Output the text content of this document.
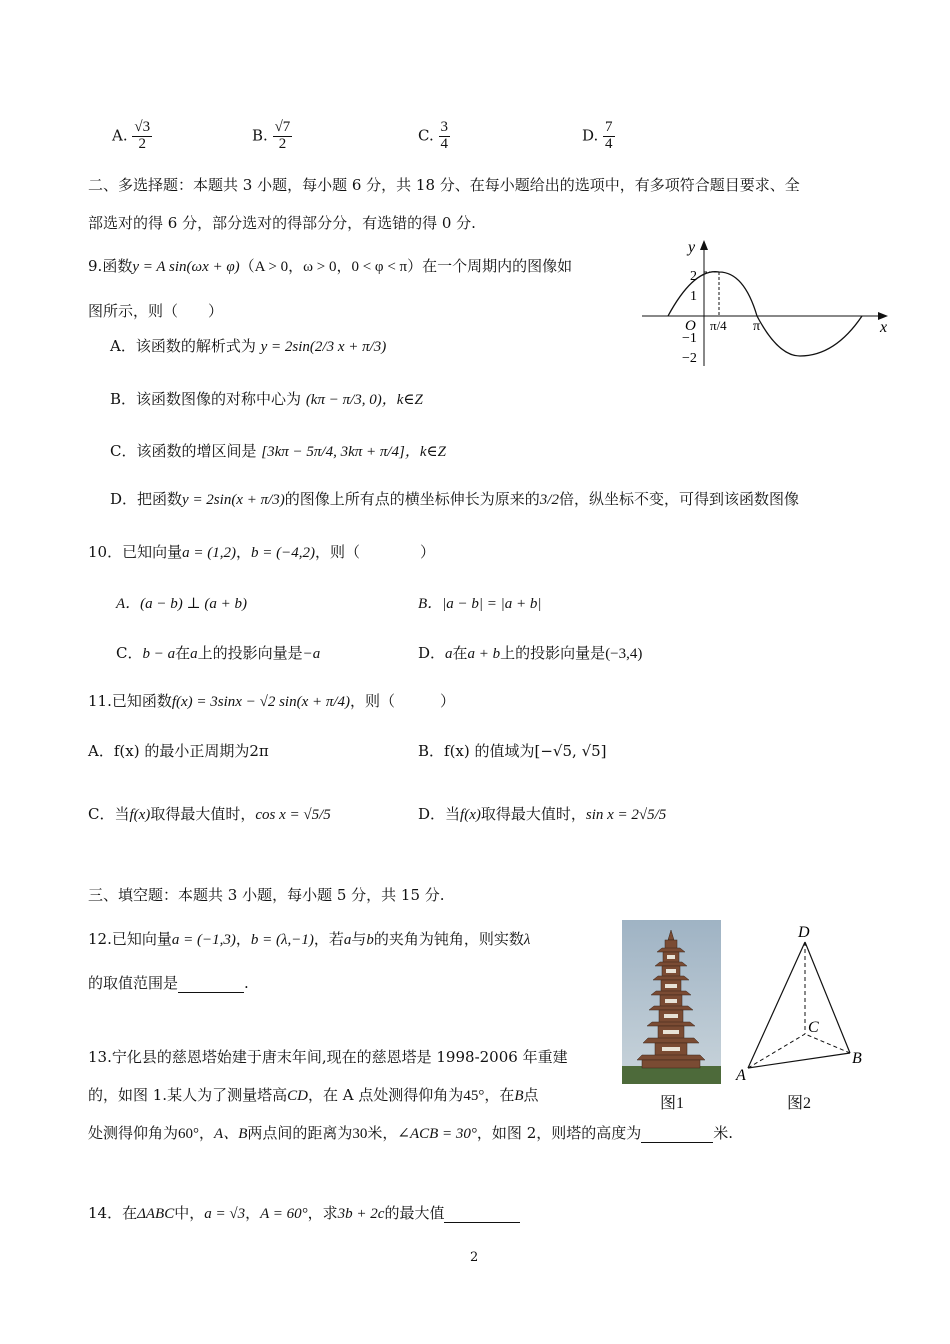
A. $\frac{√3}{2}$	B. $\frac{√7}{2}$	C. $\frac{3}{4}$	D. $\frac{7}{4}$
二、多选择题：本题共 3 小题，每小题 6 分，共 18 分、在每小题给出的选项中，有多项符合题目要求、全
部选对的得 6 分，部分选对的得部分分，有选错的得 0 分.
9.函数y = A sin(ωx + φ)（A > 0，ω > 0，0 < φ < π）在一个周期内的图像如
图所示，则（　　）
A．该函数的解析式为 y = 2sin(2/3 x + π/3)
B．该函数图像的对称中心为 (kπ − π/3, 0)，k∈Z
C．该函数的增区间是 [3kπ − 5π/4, 3kπ + π/4]，k∈Z
D．把函数y = 2sin(x + π/3)的图像上所有点的横坐标伸长为原来的3/2倍，纵坐标不变，可得到该函数图像
y
x
O
2
1
−1
−2
π/4 π
10．已知向量a = (1,2)，b = (−4,2)，则（　　　　）
A．(a − b) ⊥ (a + b)	B．|a − b| = |a + b|
C．b − a在a上的投影向量是−a	D．a在a + b上的投影向量是(−3,4)
11.已知函数f(x) = 3sinx − √2 sin(x + π/4)，则（　　　）
A．f(x) 的最小正周期为2π	B．f(x) 的值域为[−√5, √5]
C．当f(x)取得最大值时，cos x = √5/5	D．当f(x)取得最大值时，sin x = 2√5/5
三、填空题：本题共 3 小题，每小题 5 分，共 15 分.
12.已知向量a = (−1,3)，b = (λ,−1)，若a与b的夹角为钝角，则实数λ
的取值范围是	.
图1
D
C
B
A
图2
13.宁化县的慈恩塔始建于唐末年间,现在的慈恩塔是 1998-2006 年重建
的，如图 1.某人为了测量塔高CD，在 A 点处测得仰角为45°，在B点
处测得仰角为60°，A、B两点间的距离为30米，∠ACB = 30°，如图 2，则塔的高度为	米.
14．在ΔABC中，a = √3，A = 60°，求3b + 2c的最大值
2
